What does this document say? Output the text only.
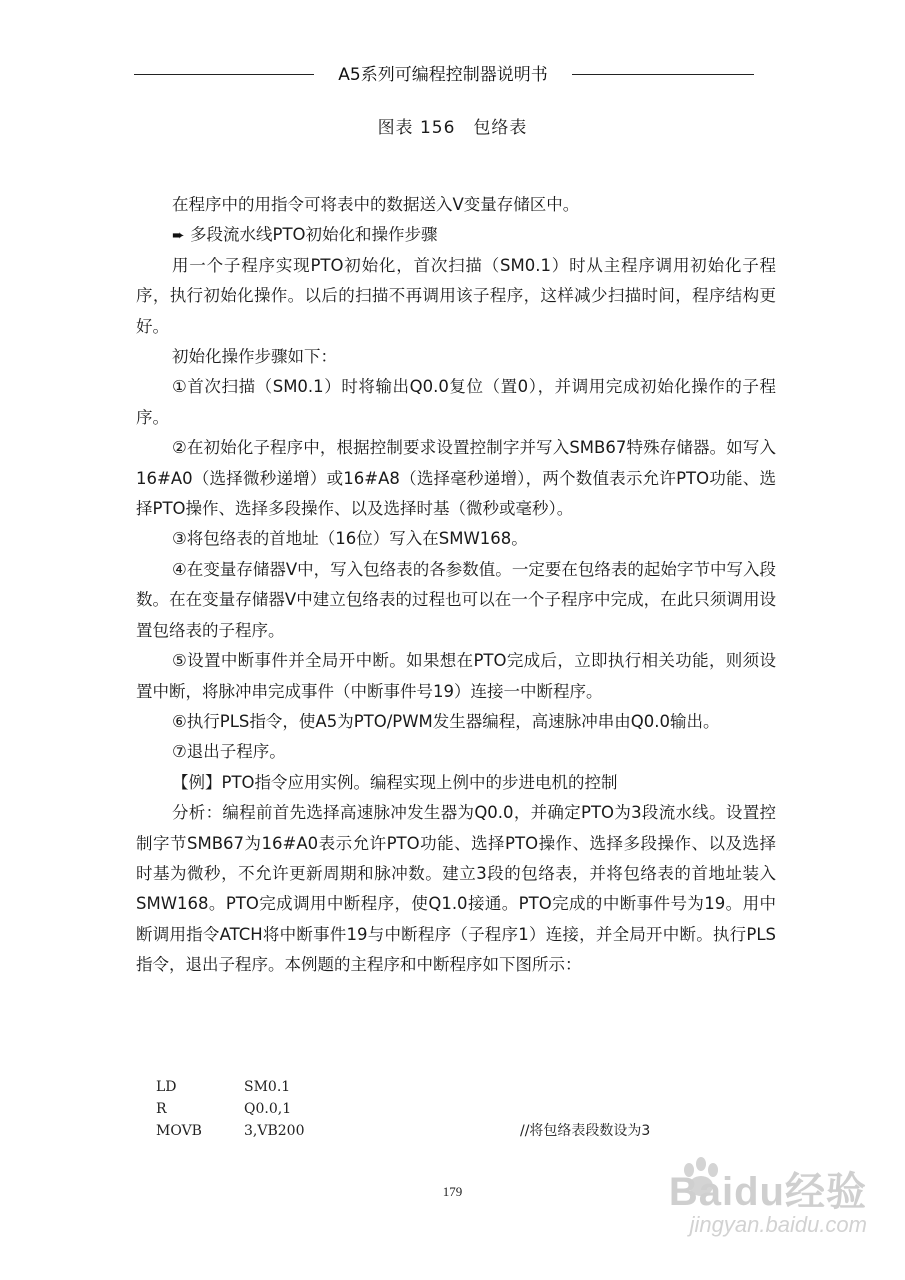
A5系列可编程控制器说明书
图表 156　包络表

在程序中的用指令可将表中的数据送入V变量存储区中。

➨ 多段流水线PTO初始化和操作步骤

用一个子程序实现PTO初始化，首次扫描（SM0.1）时从主程序调用初始化子程序，执行初始化操作。以后的扫描不再调用该子程序，这样减少扫描时间，程序结构更好。

初始化操作步骤如下：

①首次扫描（SM0.1）时将输出Q0.0复位（置0），并调用完成初始化操作的子程序。

②在初始化子程序中，根据控制要求设置控制字并写入SMB67特殊存储器。如写入16#A0（选择微秒递增）或16#A8（选择毫秒递增），两个数值表示允许PTO功能、选择PTO操作、选择多段操作、以及选择时基（微秒或毫秒）。

③将包络表的首地址（16位）写入在SMW168。

④在变量存储器V中，写入包络表的各参数值。一定要在包络表的起始字节中写入段数。在在变量存储器V中建立包络表的过程也可以在一个子程序中完成，在此只须调用设置包络表的子程序。

⑤设置中断事件并全局开中断。如果想在PTO完成后，立即执行相关功能，则须设置中断，将脉冲串完成事件（中断事件号19）连接一中断程序。

⑥执行PLS指令，使A5为PTO/PWM发生器编程，高速脉冲串由Q0.0输出。

⑦退出子程序。

【例】PTO指令应用实例。编程实现上例中的步进电机的控制

分析：编程前首先选择高速脉冲发生器为Q0.0，并确定PTO为3段流水线。设置控制字节SMB67为16#A0表示允许PTO功能、选择PTO操作、选择多段操作、以及选择时基为微秒，不允许更新周期和脉冲数。建立3段的包络表，并将包络表的首地址装入SMW168。PTO完成调用中断程序，使Q1.0接通。PTO完成的中断事件号为19。用中断调用指令ATCH将中断事件19与中断程序（子程序1）连接，并全局开中断。执行PLS指令，退出子程序。本例题的主程序和中断程序如下图所示：

LD	SM0.1
R	Q0.0,1
MOVB	3,VB200	//将包络表段数设为3
179	Baidu经验
jingyan.baidu.com
